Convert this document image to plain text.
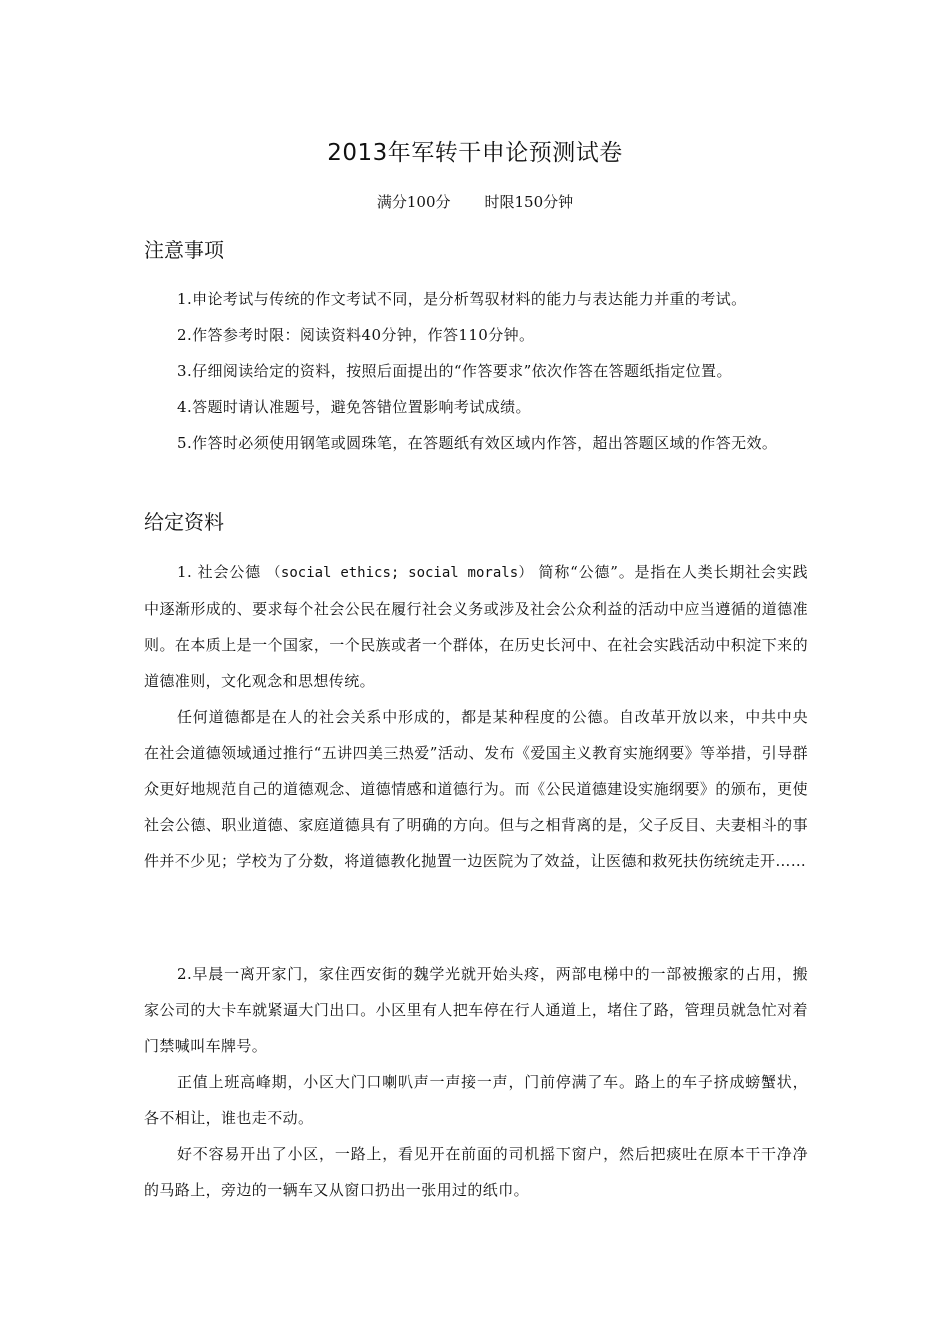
2013年军转干申论预测试卷
满分100分 时限150分钟
注意事项

1.申论考试与传统的作文考试不同，是分析驾驭材料的能力与表达能力并重的考试。

2.作答参考时限：阅读资料40分钟，作答110分钟。

3.仔细阅读给定的资料，按照后面提出的“作答要求”依次作答在答题纸指定位置。

4.答题时请认准题号，避免答错位置影响考试成绩。

5.作答时必须使用钢笔或圆珠笔，在答题纸有效区域内作答，超出答题区域的作答无效。

给定资料

1. 社会公德 （social ethics; social morals） 简称“公德”。是指在人类长期社会实践中逐渐形成的、要求每个社会公民在履行社会义务或涉及社会公众利益的活动中应当遵循的道德准则。在本质上是一个国家，一个民族或者一个群体，在历史长河中、在社会实践活动中积淀下来的道德准则，文化观念和思想传统。

任何道德都是在人的社会关系中形成的，都是某种程度的公德。自改革开放以来，中共中央在社会道德领域通过推行“五讲四美三热爱”活动、发布《爱国主义教育实施纲要》等举措，引导群众更好地规范自己的道德观念、道德情感和道德行为。而《公民道德建设实施纲要》的颁布，更使社会公德、职业道德、家庭道德具有了明确的方向。但与之相背离的是，父子反目、夫妻相斗的事件并不少见；学校为了分数，将道德教化抛置一边医院为了效益，让医德和救死扶伤统统走开……

2.早晨一离开家门，家住西安街的魏学光就开始头疼，两部电梯中的一部被搬家的占用，搬家公司的大卡车就紧逼大门出口。小区里有人把车停在行人通道上，堵住了路，管理员就急忙对着门禁喊叫车牌号。

正值上班高峰期，小区大门口喇叭声一声接一声，门前停满了车。路上的车子挤成螃蟹状，各不相让，谁也走不动。

好不容易开出了小区，一路上，看见开在前面的司机摇下窗户，然后把痰吐在原本干干净净的马路上，旁边的一辆车又从窗口扔出一张用过的纸巾。
